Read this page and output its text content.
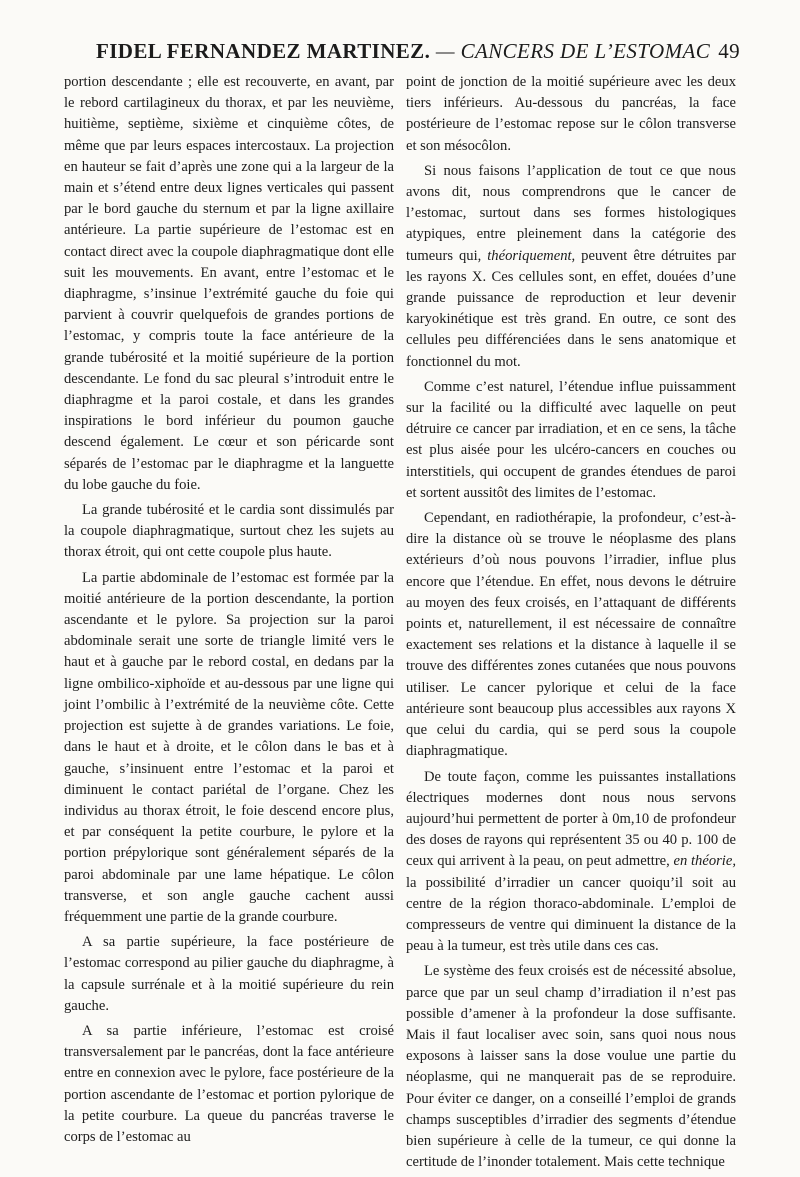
FIDEL FERNANDEZ MARTINEZ. — CANCERS DE L’ESTOMAC 49

portion descendante ; elle est recouverte, en avant, par le rebord cartilagineux du thorax, et par les neuvième, huitième, septième, sixième et cinquième côtes, de même que par leurs espaces intercostaux. La projection en hauteur se fait d’après une zone qui a la largeur de la main et s’étend entre deux lignes verticales qui passent par le bord gauche du sternum et par la ligne axillaire antérieure. La partie supérieure de l’estomac est en contact direct avec la coupole diaphragmatique dont elle suit les mouvements. En avant, entre l’estomac et le diaphragme, s’insinue l’extrémité gauche du foie qui parvient à couvrir quelquefois de grandes portions de l’estomac, y compris toute la face antérieure de la grande tubérosité et la moitié supérieure de la portion descendante. Le fond du sac pleural s’introduit entre le diaphragme et la paroi costale, et dans les grandes inspirations le bord inférieur du poumon gauche descend également. Le cœur et son péricarde sont séparés de l’estomac par le diaphragme et la languette du lobe gauche du foie.

La grande tubérosité et le cardia sont dissimulés par la coupole diaphragmatique, surtout chez les sujets au thorax étroit, qui ont cette coupole plus haute.

La partie abdominale de l’estomac est formée par la moitié antérieure de la portion descendante, la portion ascendante et le pylore. Sa projection sur la paroi abdominale serait une sorte de triangle limité vers le haut et à gauche par le rebord costal, en dedans par la ligne ombilico-xiphoïde et au-dessous par une ligne qui joint l’ombilic à l’extrémité de la neuvième côte. Cette projection est sujette à de grandes variations. Le foie, dans le haut et à droite, et le côlon dans le bas et à gauche, s’insinuent entre l’estomac et la paroi et diminuent le contact pariétal de l’organe. Chez les individus au thorax étroit, le foie descend encore plus, et par conséquent la petite courbure, le pylore et la portion prépylorique sont généralement séparés de la paroi abdominale par une lame hépatique. Le côlon transverse, et son angle gauche cachent aussi fréquemment une partie de la grande courbure.

A sa partie supérieure, la face postérieure de l’estomac correspond au pilier gauche du diaphragme, à la capsule surrénale et à la moitié supérieure du rein gauche.

A sa partie inférieure, l’estomac est croisé transversalement par le pancréas, dont la face antérieure entre en connexion avec le pylore, face postérieure de la portion ascendante de l’estomac et portion pylorique de la petite courbure. La queue du pancréas traverse le corps de l’estomac au

point de jonction de la moitié supérieure avec les deux tiers inférieurs. Au-dessous du pancréas, la face postérieure de l’estomac repose sur le côlon transverse et son mésocôlon.

Si nous faisons l’application de tout ce que nous avons dit, nous comprendrons que le cancer de l’estomac, surtout dans ses formes histologiques atypiques, entre pleinement dans la catégorie des tumeurs qui, théoriquement, peuvent être détruites par les rayons X. Ces cellules sont, en effet, douées d’une grande puissance de reproduction et leur devenir karyokinétique est très grand. En outre, ce sont des cellules peu différenciées dans le sens anatomique et fonctionnel du mot.

Comme c’est naturel, l’étendue influe puissamment sur la facilité ou la difficulté avec laquelle on peut détruire ce cancer par irradiation, et en ce sens, la tâche est plus aisée pour les ulcéro-cancers en couches ou interstitiels, qui occupent de grandes étendues de paroi et sortent aussitôt des limites de l’estomac.

Cependant, en radiothérapie, la profondeur, c’est-à-dire la distance où se trouve le néoplasme des plans extérieurs d’où nous pouvons l’irradier, influe plus encore que l’étendue. En effet, nous devons le détruire au moyen des feux croisés, en l’attaquant de différents points et, naturellement, il est nécessaire de connaître exactement ses relations et la distance à laquelle il se trouve des différentes zones cutanées que nous pouvons utiliser. Le cancer pylorique et celui de la face antérieure sont beaucoup plus accessibles aux rayons X que celui du cardia, qui se perd sous la coupole diaphragmatique.

De toute façon, comme les puissantes installations électriques modernes dont nous nous servons aujourd’hui permettent de porter à 0m,10 de profondeur des doses de rayons qui représentent 35 ou 40 p. 100 de ceux qui arrivent à la peau, on peut admettre, en théorie, la possibilité d’irradier un cancer quoiqu’il soit au centre de la région thoraco-abdominale. L’emploi de compresseurs de ventre qui diminuent la distance de la peau à la tumeur, est très utile dans ces cas.

Le système des feux croisés est de nécessité absolue, parce que par un seul champ d’irradiation il n’est pas possible d’amener à la profondeur la dose suffisante. Mais il faut localiser avec soin, sans quoi nous nous exposons à laisser sans la dose voulue une partie du néoplasme, qui ne manquerait pas de se reproduire. Pour éviter ce danger, on a conseillé l’emploi de grands champs susceptibles d’irradier des segments d’étendue bien supérieure à celle de la tumeur, ce qui donne la certitude de l’inonder totalement. Mais cette technique
